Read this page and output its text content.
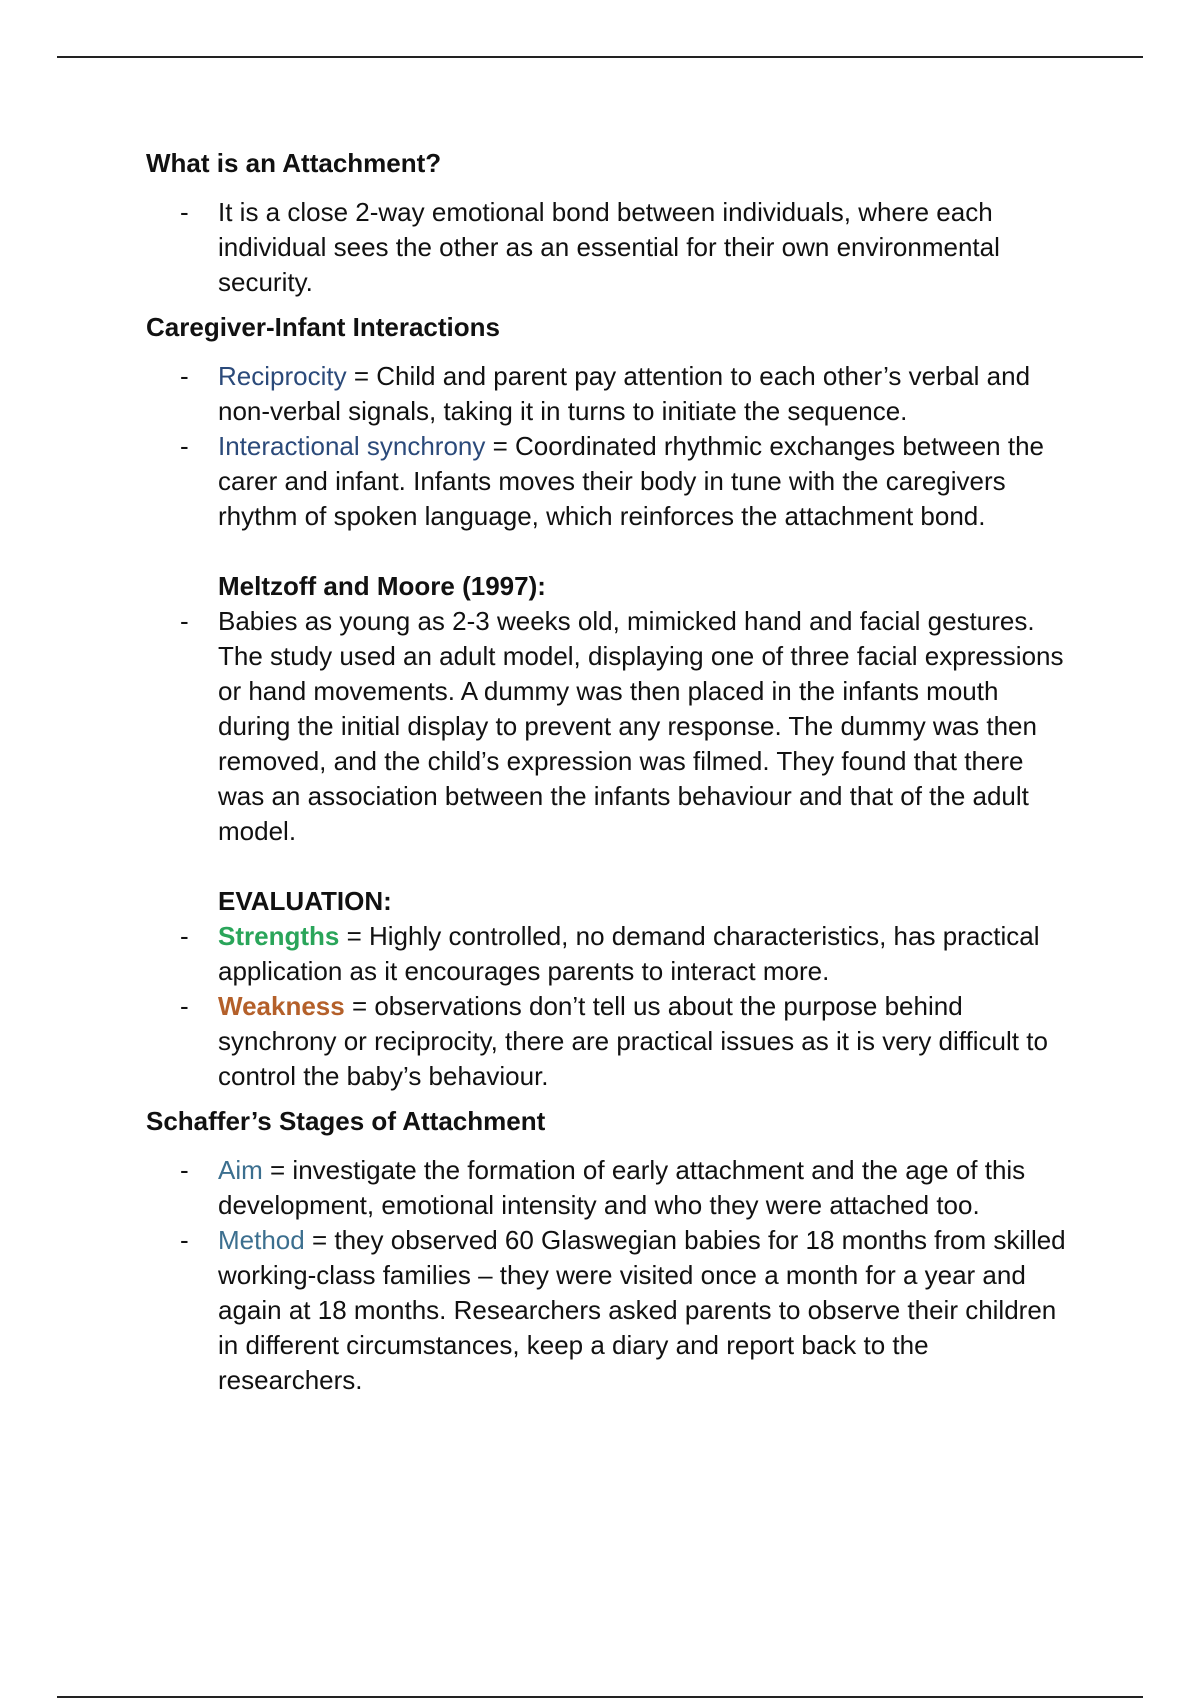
What is an Attachment?
- It is a close 2-way emotional bond between individuals, where each individual sees the other as an essential for their own environmental security.
Caregiver-Infant Interactions
- Reciprocity = Child and parent pay attention to each other’s verbal and non-verbal signals, taking it in turns to initiate the sequence.
- Interactional synchrony = Coordinated rhythmic exchanges between the carer and infant. Infants moves their body in tune with the caregivers rhythm of spoken language, which reinforces the attachment bond.
Meltzoff and Moore (1997):
- Babies as young as 2-3 weeks old, mimicked hand and facial gestures. The study used an adult model, displaying one of three facial expressions or hand movements. A dummy was then placed in the infants mouth during the initial display to prevent any response. The dummy was then removed, and the child’s expression was filmed. They found that there was an association between the infants behaviour and that of the adult model.
EVALUATION:
- Strengths = Highly controlled, no demand characteristics, has practical application as it encourages parents to interact more.
- Weakness = observations don’t tell us about the purpose behind synchrony or reciprocity, there are practical issues as it is very difficult to control the baby’s behaviour.
Schaffer’s Stages of Attachment
- Aim = investigate the formation of early attachment and the age of this development, emotional intensity and who they were attached too.
- Method = they observed 60 Glaswegian babies for 18 months from skilled working-class families – they were visited once a month for a year and again at 18 months. Researchers asked parents to observe their children in different circumstances, keep a diary and report back to the researchers.
